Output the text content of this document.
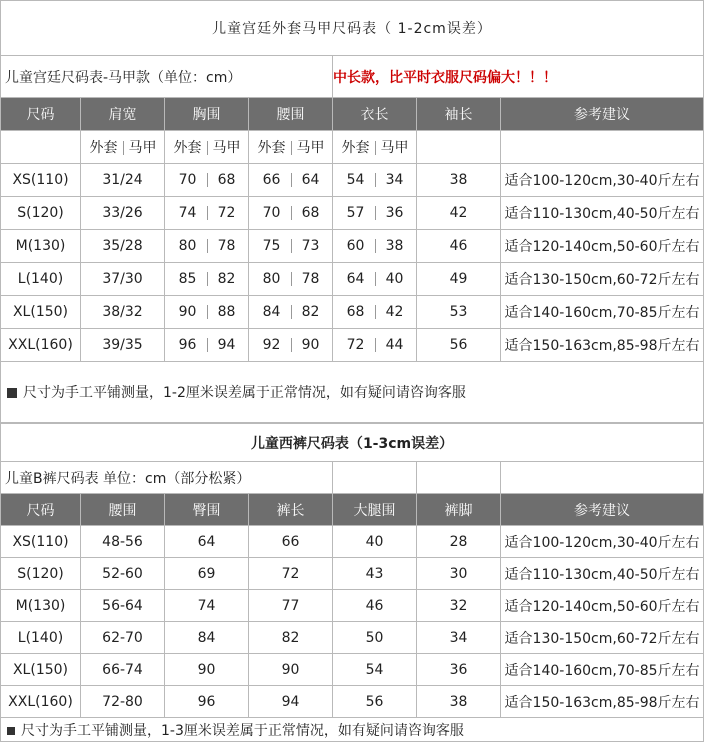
儿童宫廷外套马甲尺码表（ 1-2cm误差）						
儿童宫廷尺码表-马甲款（单位：cm）				中长款，比平时衣服尺码偏大！！！		
尺码	肩宽	胸围	腰围	衣长	袖长	参考建议
	外套 马甲	外套 马甲	外套 马甲	外套 马甲		
XS(110)	31/24	70 68	66 64	54 34	38	适合100-120cm,30-40斤左右
S(120)	33/26	74 72	70 68	57 36	42	适合110-130cm,40-50斤左右
M(130)	35/28	80 78	75 73	60 38	46	适合120-140cm,50-60斤左右
L(140)	37/30	85 82	80 78	64 40	49	适合130-150cm,60-72斤左右
XL(150)	38/32	90 88	84 82	68 42	53	适合140-160cm,70-85斤左右
XXL(160)	39/35	96 94	92 90	72 44	56	适合150-163cm,85-98斤左右
尺寸为手工平铺测量，1-2厘米误差属于正常情况，如有疑问请咨询客服						
儿童西裤尺码表（1-3cm误差）						
儿童B裤尺码表 单位：cm（部分松紧）						
尺码	腰围	臀围	裤长	大腿围	裤脚	参考建议
XS(110)	48-56	64	66	40	28	适合100-120cm,30-40斤左右
S(120)	52-60	69	72	43	30	适合110-130cm,40-50斤左右
M(130)	56-64	74	77	46	32	适合120-140cm,50-60斤左右
L(140)	62-70	84	82	50	34	适合130-150cm,60-72斤左右
XL(150)	66-74	90	90	54	36	适合140-160cm,70-85斤左右
XXL(160)	72-80	96	94	56	38	适合150-163cm,85-98斤左右
尺寸为手工平铺测量，1-3厘米误差属于正常情况，如有疑问请咨询客服						
